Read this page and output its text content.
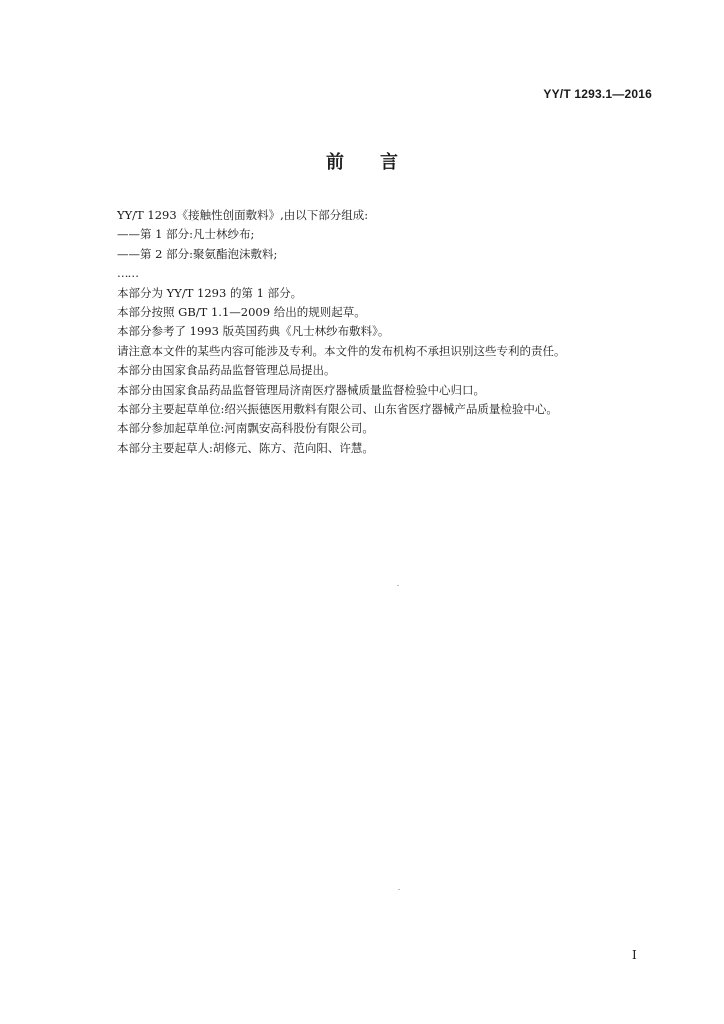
YY/T 1293.1—2016
前 言
YY/T 1293《接触性创面敷料》,由以下部分组成:
——第 1 部分:凡士林纱布;
——第 2 部分:聚氨酯泡沫敷料;
……
本部分为 YY/T 1293 的第 1 部分。
本部分按照 GB/T 1.1—2009 给出的规则起草。
本部分参考了 1993 版英国药典《凡士林纱布敷料》。
请注意本文件的某些内容可能涉及专利。本文件的发布机构不承担识别这些专利的责任。
本部分由国家食品药品监督管理总局提出。
本部分由国家食品药品监督管理局济南医疗器械质量监督检验中心归口。
本部分主要起草单位:绍兴振德医用敷料有限公司、山东省医疗器械产品质量检验中心。
本部分参加起草单位:河南飘安高科股份有限公司。
本部分主要起草人:胡修元、陈方、范向阳、许慧。
I
